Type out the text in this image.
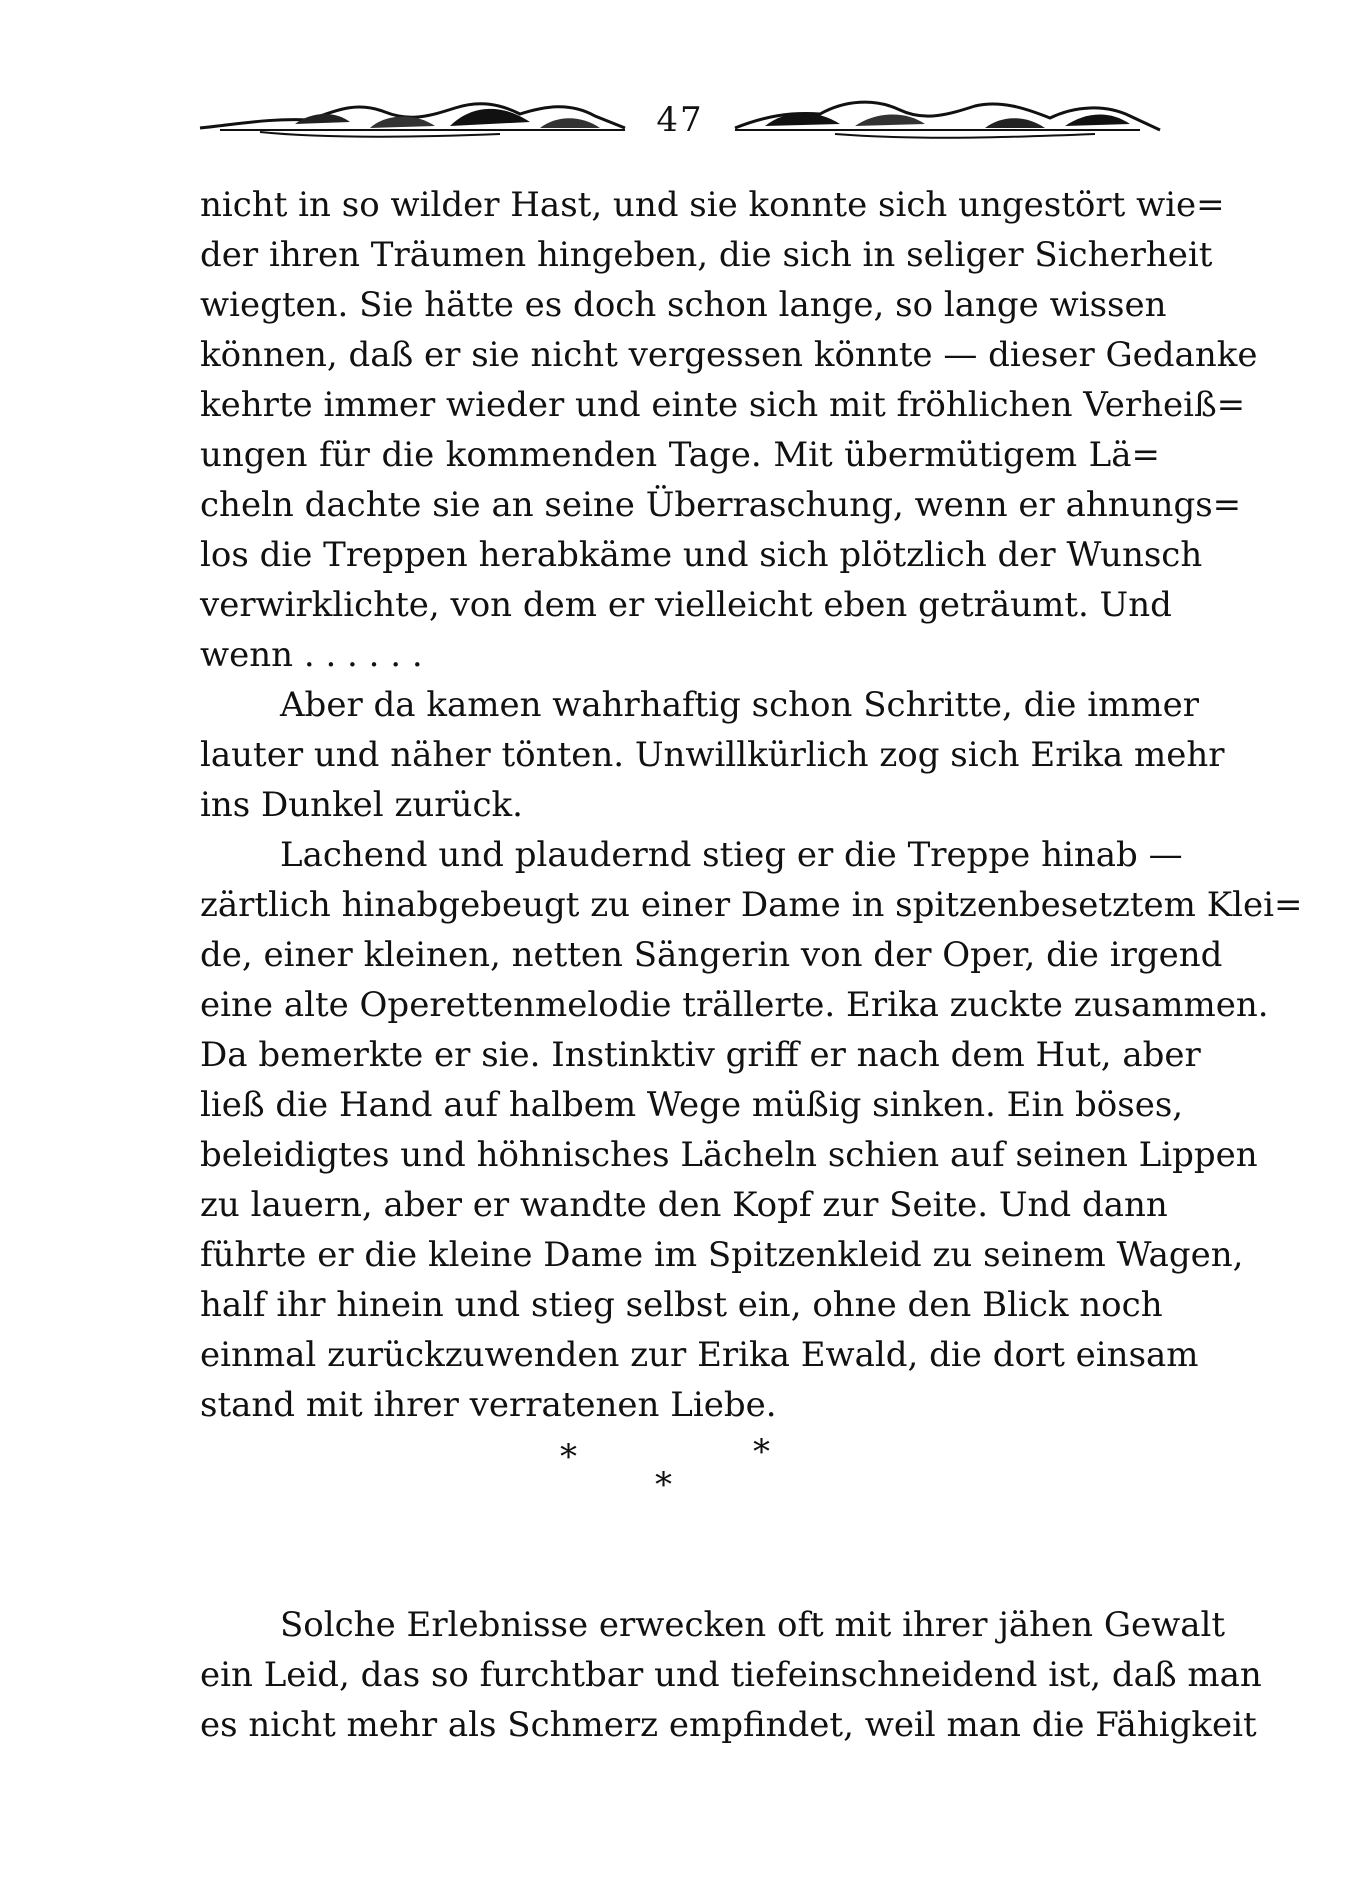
47
nicht in so wilder Hast, und sie konnte sich ungestört wie=
der ihren Träumen hingeben, die sich in seliger Sicherheit
wiegten. Sie hätte es doch schon lange, so lange wissen
können, daß er sie nicht vergessen könnte — dieser Gedanke
kehrte immer wieder und einte sich mit fröhlichen Verheiß=
ungen für die kommenden Tage. Mit übermütigem Lä=
cheln dachte sie an seine Überraschung, wenn er ahnungs=
los die Treppen herabkäme und sich plötzlich der Wunsch
verwirklichte, von dem er vielleicht eben geträumt. Und
wenn . . . . . .
Aber da kamen wahrhaftig schon Schritte, die immer
lauter und näher tönten. Unwillkürlich zog sich Erika mehr
ins Dunkel zurück.
Lachend und plaudernd stieg er die Treppe hinab —
zärtlich hinabgebeugt zu einer Dame in spitzenbesetztem Klei=
de, einer kleinen, netten Sängerin von der Oper, die irgend
eine alte Operettenmelodie trällerte. Erika zuckte zusammen.
Da bemerkte er sie. Instinktiv griff er nach dem Hut, aber
ließ die Hand auf halbem Wege müßig sinken. Ein böses,
beleidigtes und höhnisches Lächeln schien auf seinen Lippen
zu lauern, aber er wandte den Kopf zur Seite. Und dann
führte er die kleine Dame im Spitzenkleid zu seinem Wagen,
half ihr hinein und stieg selbst ein, ohne den Blick noch
einmal zurückzuwenden zur Erika Ewald, die dort einsam
stand mit ihrer verratenen Liebe.
*
*
*
Solche Erlebnisse erwecken oft mit ihrer jähen Gewalt
ein Leid, das so furchtbar und tiefeinschneidend ist, daß man
es nicht mehr als Schmerz empfindet, weil man die Fähigkeit
